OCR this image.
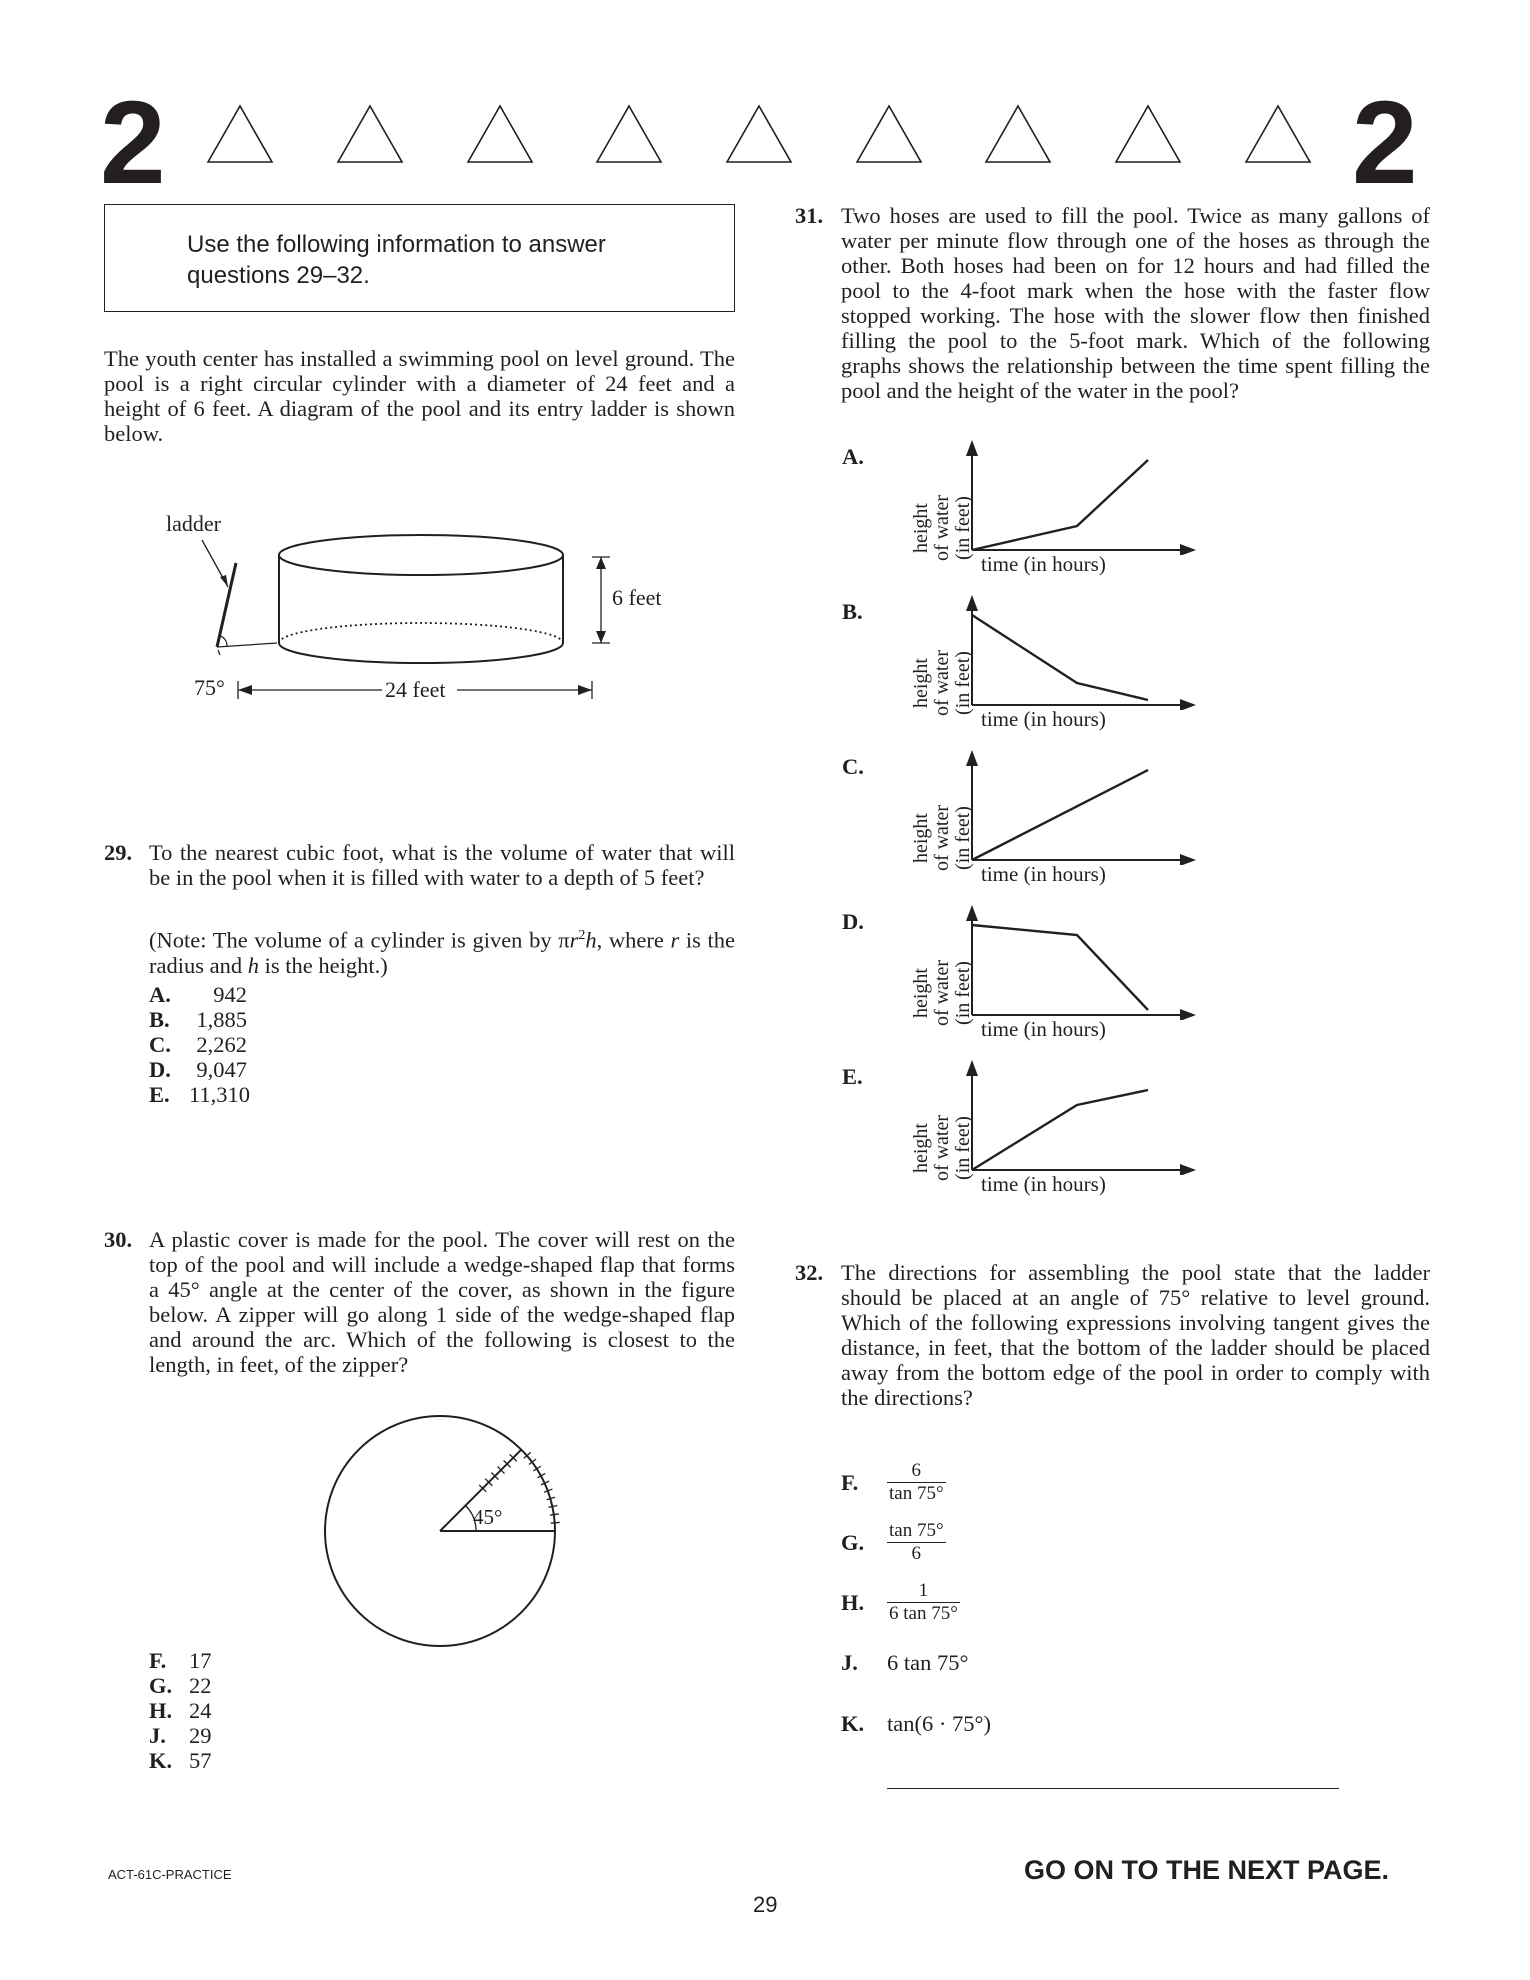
2	2
Use the following information to answer
questions 29–32.
The youth center has installed a swimming pool on level ground. The pool is a right circular cylinder with a diameter of 24 feet and a height of 6 feet. A diagram of the pool and its entry ladder is shown below.
ladder
6 feet
75°	24 feet
29. To the nearest cubic foot, what is the volume of water that will be in the pool when it is filled with water to a depth of 5 feet?
(Note: The volume of a cylinder is given by $\pi r^2h$, where r is the radius and h is the height.)
A. 942
B. 1,885
C. 2,262
D. 9,047
E. 11,310
30. A plastic cover is made for the pool. The cover will rest on the top of the pool and will include a wedge-shaped flap that forms a 45° angle at the center of the cover, as shown in the figure below. A zipper will go along 1 side of the wedge-shaped flap and around the arc. Which of the following is closest to the length, in feet, of the zipper?
45°
F. 17
G. 22
H. 24
J. 29
K. 57
31. Two hoses are used to fill the pool. Twice as many gallons of water per minute flow through one of the hoses as through the other. Both hoses had been on for 12 hours and had filled the pool to the 4-foot mark when the hose with the faster flow stopped working. The hose with the slower flow then finished filling the pool to the 5-foot mark. Which of the following graphs shows the relationship between the time spent filling the pool and the height of the water in the pool?
A.
height of water (in feet)
time (in hours)
B.
height of water (in feet)
time (in hours)
C.
height of water (in feet)
time (in hours)
D.
height of water (in feet)
time (in hours)
E.
height of water (in feet)
time (in hours)
32. The directions for assembling the pool state that the ladder should be placed at an angle of 75° relative to level ground. Which of the following expressions involving tangent gives the distance, in feet, that the bottom of the ladder should be placed away from the bottom edge of the pool in order to comply with the directions?
F. $\frac{6}{\tan 75^\circ}$
G. $\frac{\tan 75^\circ}{6}$
H. $\frac{1}{6 \tan 75^\circ}$
J. 6 tan 75°
K. tan(6 · 75°)
ACT-61C-PRACTICE	GO ON TO THE NEXT PAGE.
29
